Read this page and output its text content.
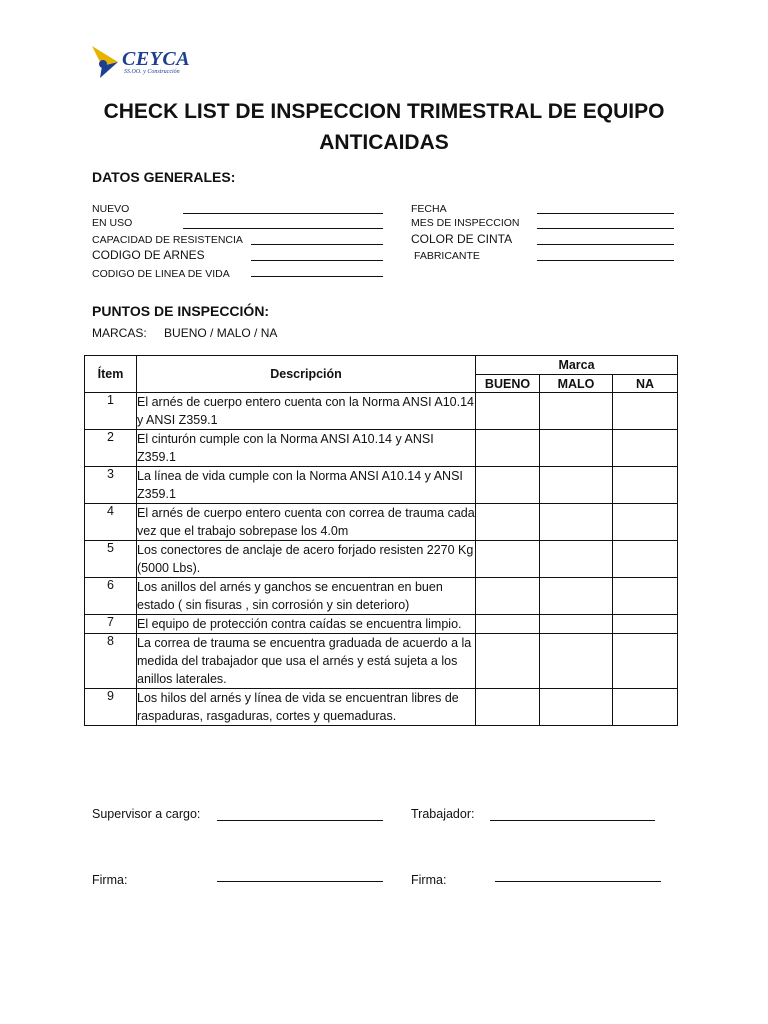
CEYCA
SS.OO. y Construcción
CHECK LIST DE INSPECCION TRIMESTRAL DE EQUIPO ANTICAIDAS
DATOS GENERALES:
NUEVO
EN USO
CAPACIDAD DE RESISTENCIA
CODIGO DE ARNES
CODIGO DE LINEA DE VIDA
FECHA
MES DE INSPECCION
COLOR DE CINTA
FABRICANTE
PUNTOS DE INSPECCIÓN:
MARCAS: BUENO / MALO / NA
Ítem	Descripción	Marca		
		BUENO	MALO	NA
1	El arnés de cuerpo entero cuenta con la Norma ANSI A10.14 y ANSI Z359.1			
2	El cinturón cumple con la Norma ANSI A10.14 y ANSI Z359.1			
3	La línea de vida cumple con la Norma ANSI A10.14 y ANSI Z359.1			
4	El arnés de cuerpo entero cuenta con correa de trauma cada vez que el trabajo sobrepase los 4.0m			
5	Los conectores de anclaje de acero forjado resisten 2270 Kg (5000 Lbs).			
6	Los anillos del arnés y ganchos se encuentran en buen estado ( sin fisuras , sin corrosión y sin deterioro)			
7	El equipo de protección contra caídas se encuentra limpio.			
8	La correa de trauma se encuentra graduada de acuerdo a la medida del trabajador que usa el arnés y está sujeta a los anillos laterales.			
9	Los hilos del arnés y línea de vida se encuentran libres de raspaduras, rasgaduras, cortes y quemaduras.			
Supervisor a cargo:	Trabajador:
Firma:	Firma:
